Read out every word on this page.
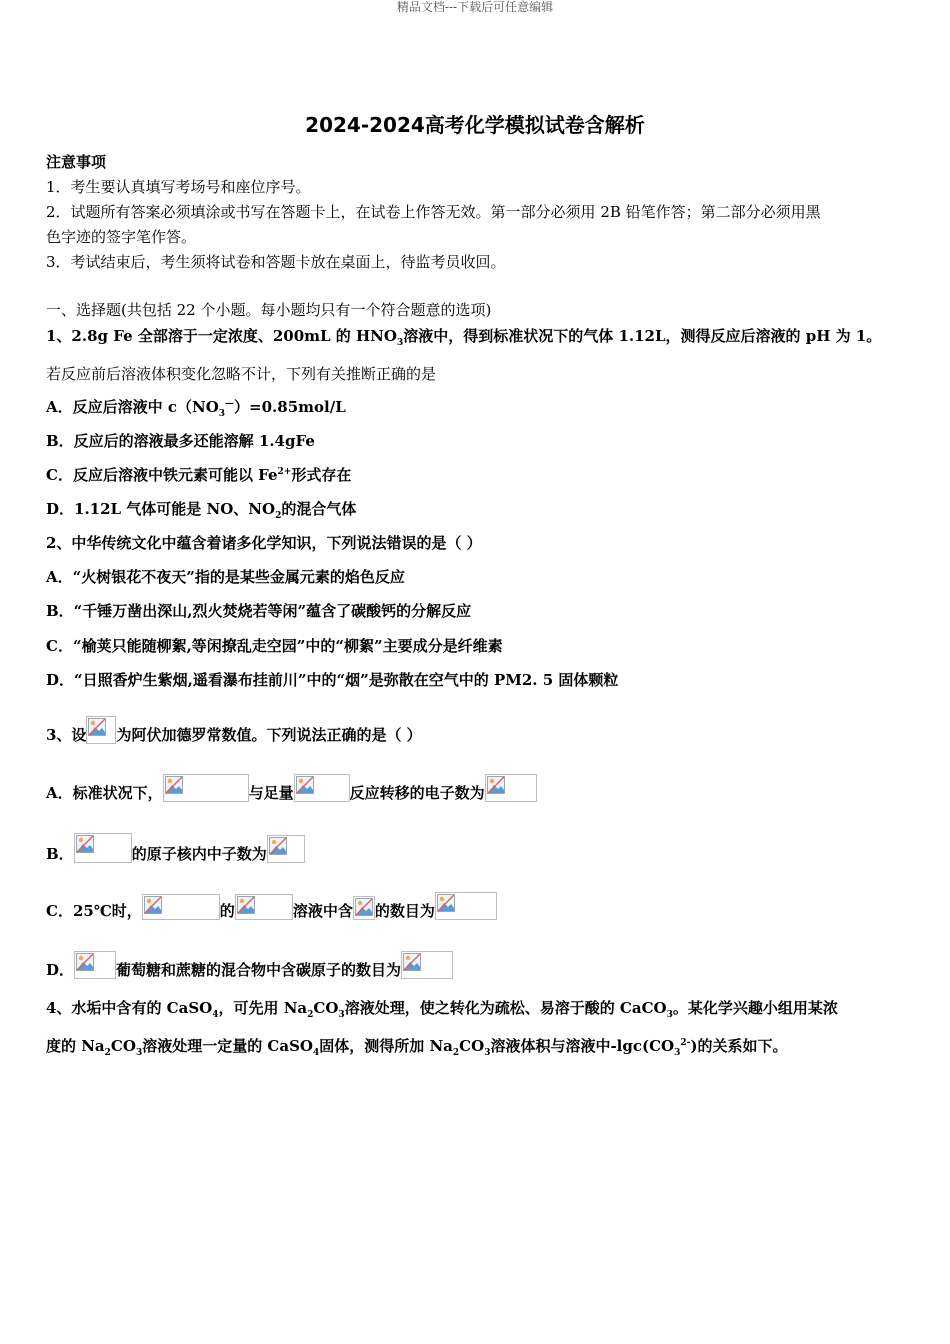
精品文档---下载后可任意编辑
2024-2024高考化学模拟试卷含解析
注意事项
1．考生要认真填写考场号和座位序号。
2．试题所有答案必须填涂或书写在答题卡上，在试卷上作答无效。第一部分必须用 2B 铅笔作答；第二部分必须用黑
色字迹的签字笔作答。
3．考试结束后，考生须将试卷和答题卡放在桌面上，待监考员收回。
一、选择题(共包括 22 个小题。每小题均只有一个符合题意的选项)
1、2.8g Fe 全部溶于一定浓度、200mL 的 $HNO_3$溶液中，得到标准状况下的气体 1.12L，测得反应后溶液的 pH 为 1。
若反应前后溶液体积变化忽略不计，下列有关推断正确的是
A．反应后溶液中 $c(NO_3^—)=0.85mol/L$
B．反应后的溶液最多还能溶解 1.4gFe
C．反应后溶液中铁元素可能以 $Fe^{2+}$形式存在
D．1.12L 气体可能是 NO、$NO_2$的混合气体
2、中华传统文化中蕴含着诸多化学知识，下列说法错误的是（ ）
A．“火树银花不夜天”指的是某些金属元素的焰色反应
B．“千锤万凿出深山,烈火焚烧若等闲”蕴含了碳酸钙的分解反应
C．“榆荚只能随柳絮,等闲撩乱走空园”中的“柳絮”主要成分是纤维素
D．“日照香炉生紫烟,遥看瀑布挂前川”中的“烟”是弥散在空气中的 PM2. 5 固体颗粒
3、设 为阿伏加德罗常数值。下列说法正确的是（ ）
A．标准状况下，	与足量	反应转移的电子数为
B．	的原子核内中子数为
C．25℃时，	的	溶液中含 的数目为
D．	葡萄糖和蔗糖的混合物中含碳原子的数目为
4、水垢中含有的 CaSO$_4$，可先用 $Na_2CO_3$溶液处理，使之转化为疏松、易溶于酸的 CaCO$_3$。某化学兴趣小组用某浓
度的 $Na_2CO_3$溶液处理一定量的 CaSO$_4$固体，测得所加 $Na_2CO_3$溶液体积与溶液中$-\lg c(CO_3^{2-})$的关系如下。
